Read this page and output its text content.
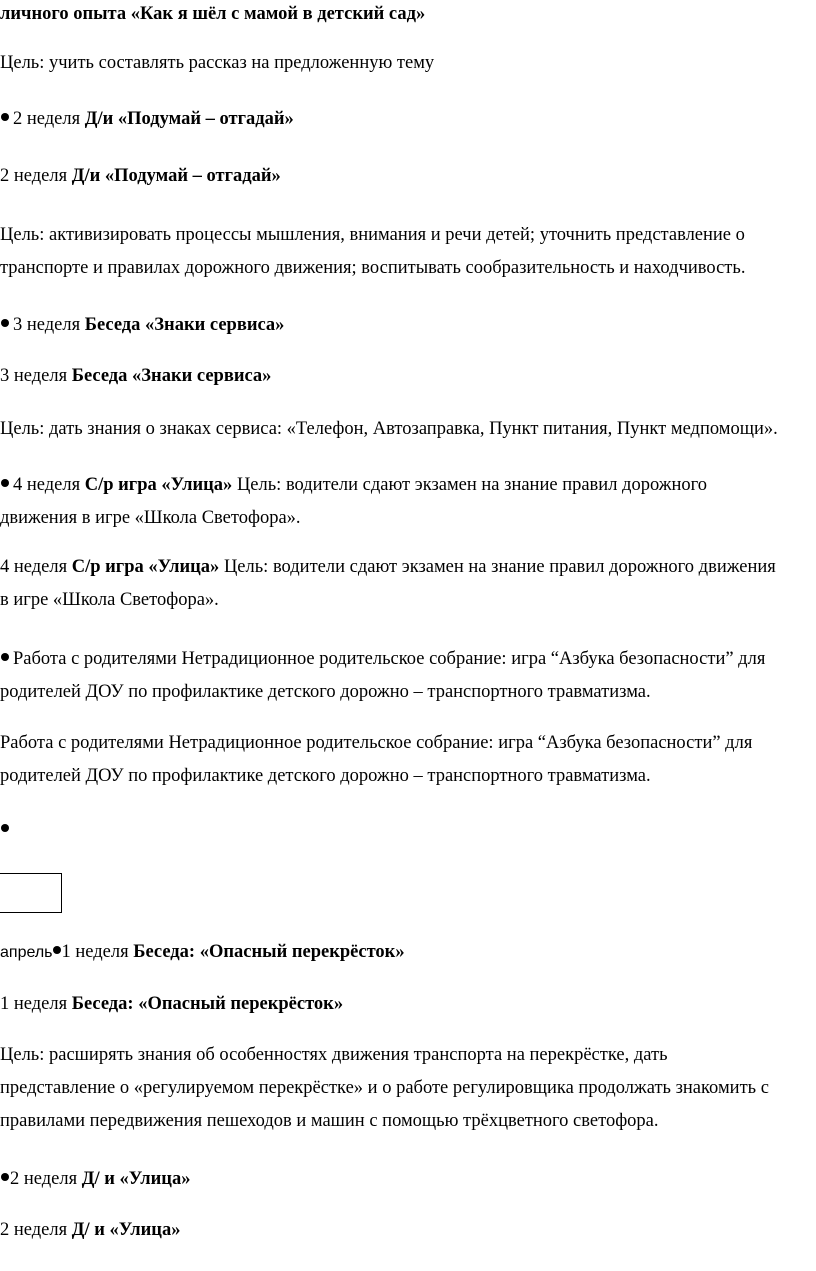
личного опыта «Как я шёл с мамой в детский сад»
Цель: учить составлять рассказ на предложенную тему
2 неделя Д/и «Подумай – отгадай»
2 неделя Д/и «Подумай – отгадай»
Цель: активизировать процессы мышления, внимания и речи детей; уточнить представление о
транспорте и правилах дорожного движения; воспитывать сообразительность и находчивость.
3 неделя Беседа «Знаки сервиса»
3 неделя Беседа «Знаки сервиса»
Цель: дать знания о знаках сервиса: «Телефон, Автозаправка, Пункт питания, Пункт медпомощи».
4 неделя С/р игра «Улица» Цель: водители сдают экзамен на знание правил дорожного
движения в игре «Школа Светофора».
4 неделя С/р игра «Улица» Цель: водители сдают экзамен на знание правил дорожного движения
в игре «Школа Светофора».
Работа с родителями Нетрадиционное родительское собрание: игра “Азбука безопасности” для
родителей ДОУ по профилактике детского дорожно – транспортного травматизма.
Работа с родителями Нетрадиционное родительское собрание: игра “Азбука безопасности” для
родителей ДОУ по профилактике детского дорожно – транспортного травматизма.
апрель 1 неделя Беседа: «Опасный перекрёсток»
1 неделя Беседа: «Опасный перекрёсток»
Цель: расширять знания об особенностях движения транспорта на перекрёстке, дать
представление о «регулируемом перекрёстке» и о работе регулировщика продолжать знакомить с
правилами передвижения пешеходов и машин с помощью трёхцветного светофора.
2 неделя Д/ и «Улица»
2 неделя Д/ и «Улица»
